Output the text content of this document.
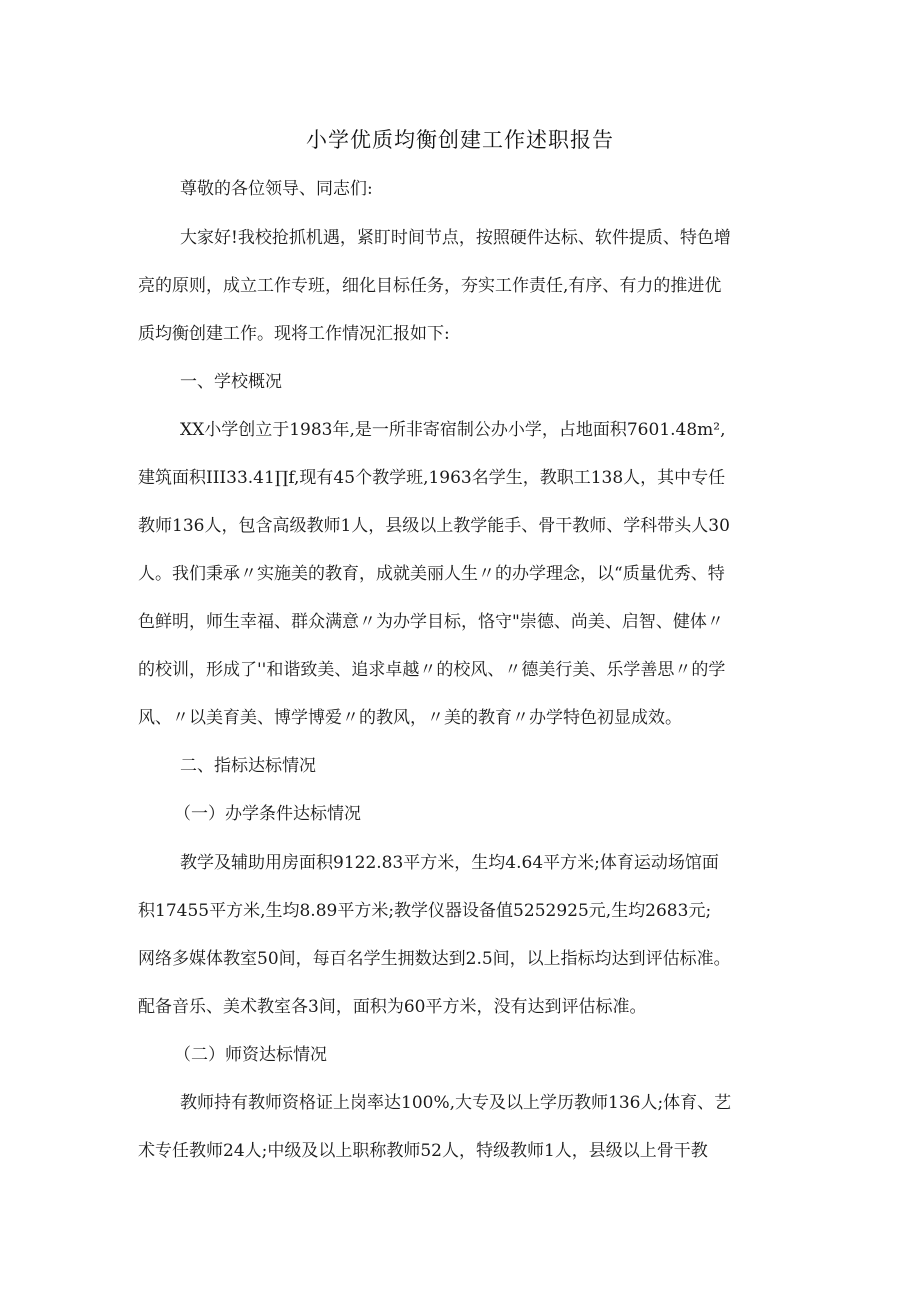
小学优质均衡创建工作述职报告

尊敬的各位领导、同志们:

大家好!我校抢抓机遇，紧盯时间节点，按照硬件达标、软件提质、特色增

亮的原则，成立工作专班，细化目标任务，夯实工作责任,有序、有力的推进优

质均衡创建工作。现将工作情况汇报如下:

一、学校概况

XX小学创立于1983年,是一所非寄宿制公办小学，占地面积7601.48m²,

建筑面积III33.41∏f,现有45个教学班,1963名学生，教职工138人，其中专任

教师136人，包含高级教师1人，县级以上教学能手、骨干教师、学科带头人30

人。我们秉承〃实施美的教育，成就美丽人生〃的办学理念，以“质量优秀、特

色鲜明，师生幸福、群众满意〃为办学目标，恪守"崇德、尚美、启智、健体〃

的校训，形成了''和谐致美、追求卓越〃的校风、〃德美行美、乐学善思〃的学

风、〃以美育美、博学博爱〃的教风，〃美的教育〃办学特色初显成效。

二、指标达标情况

（一）办学条件达标情况

教学及辅助用房面积9122.83平方米，生均4.64平方米;体育运动场馆面

积17455平方米,生均8.89平方米;教学仪器设备值5252925元,生均2683元;

网络多媒体教室50间，每百名学生拥数达到2.5间，以上指标均达到评估标准。

配备音乐、美术教室各3间，面积为60平方米，没有达到评估标准。

（二）师资达标情况

教师持有教师资格证上岗率达100%,大专及以上学历教师136人;体育、艺

术专任教师24人;中级及以上职称教师52人，特级教师1人，县级以上骨干教
